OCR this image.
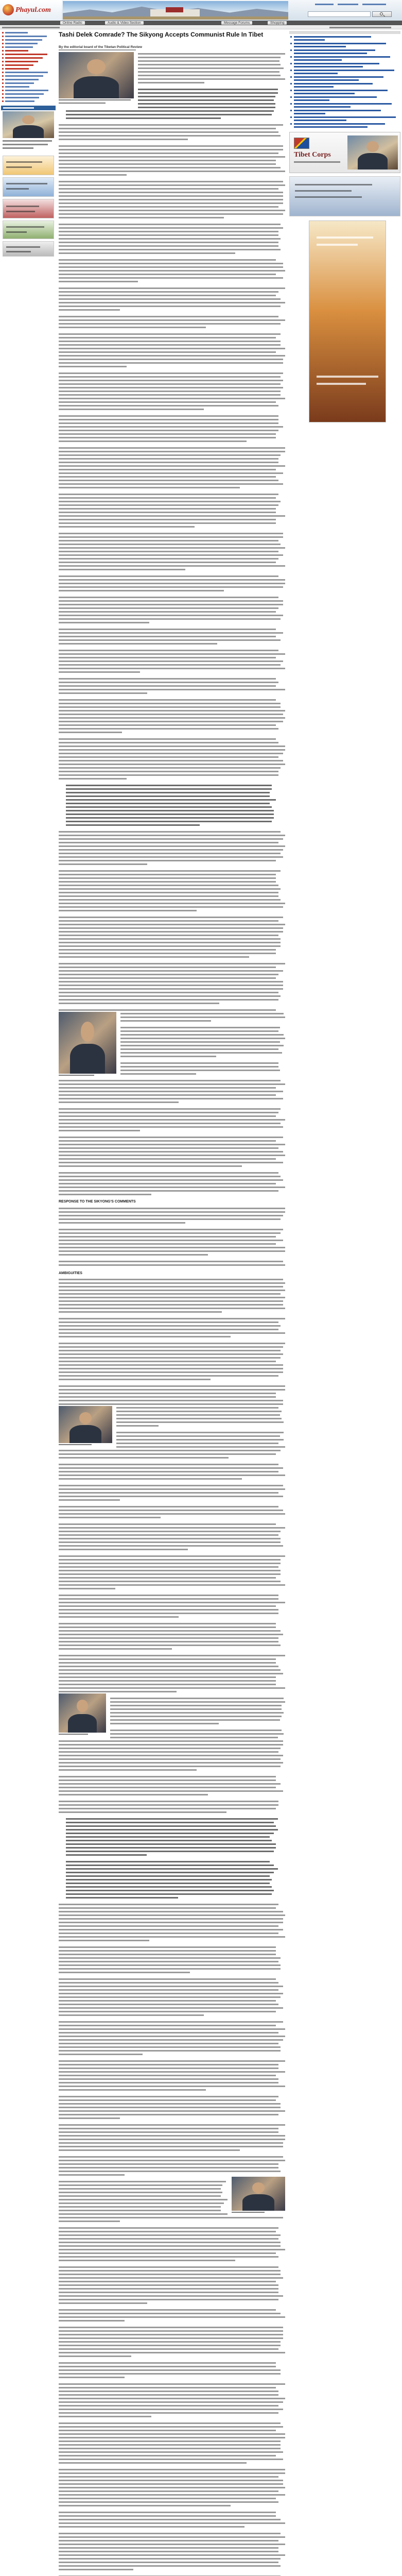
Phayul.com
Online Radio	Audio & Video Section	Message Forums	Shopping
Tashi Delek Comrade? The Sikyong Accepts Communist Rule In Tibet
By the editorial board of the Tibetan Political Review
RESPONSE TO THE SIKYONG'S COMMENTS
AMBIGUITIES
Tibet Corps
